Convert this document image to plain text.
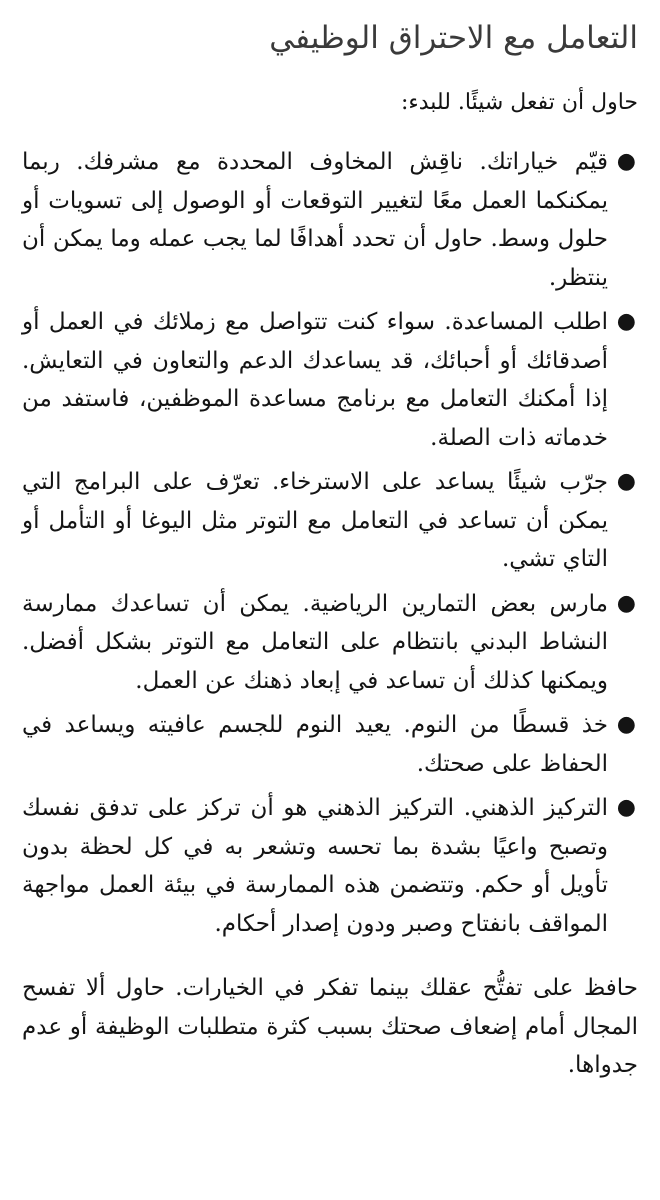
التعامل مع الاحتراق الوظيفي

حاول أن تفعل شيئًا. للبدء:

●
قيّم خياراتك. ناقِش المخاوف المحددة مع مشرفك. ربما يمكنكما العمل معًا لتغيير التوقعات أو الوصول إلى تسويات أو حلول وسط. حاول أن تحدد أهدافًا لما يجب عمله وما يمكن أن ينتظر.
●
اطلب المساعدة. سواء كنت تتواصل مع زملائك في العمل أو أصدقائك أو أحبائك، قد يساعدك الدعم والتعاون في التعايش. إذا أمكنك التعامل مع برنامج مساعدة الموظفين، فاستفد من خدماته ذات الصلة.
●
جرّب شيئًا يساعد على الاسترخاء. تعرّف على البرامج التي يمكن أن تساعد في التعامل مع التوتر مثل اليوغا أو التأمل أو التاي تشي.
●
مارس بعض التمارين الرياضية. يمكن أن تساعدك ممارسة النشاط البدني بانتظام على التعامل مع التوتر بشكل أفضل. ويمكنها كذلك أن تساعد في إبعاد ذهنك عن العمل.
●
خذ قسطًا من النوم. يعيد النوم للجسم عافيته ويساعد في الحفاظ على صحتك.
●
التركيز الذهني. التركيز الذهني هو أن تركز على تدفق نفسك وتصبح واعيًا بشدة بما تحسه وتشعر به في كل لحظة بدون تأويل أو حكم. وتتضمن هذه الممارسة في بيئة العمل مواجهة المواقف بانفتاح وصبر ودون إصدار أحكام.

حافظ على تفتُّح عقلك بينما تفكر في الخيارات. حاول ألا تفسح المجال أمام إضعاف صحتك بسبب كثرة متطلبات الوظيفة أو عدم جدواها.
